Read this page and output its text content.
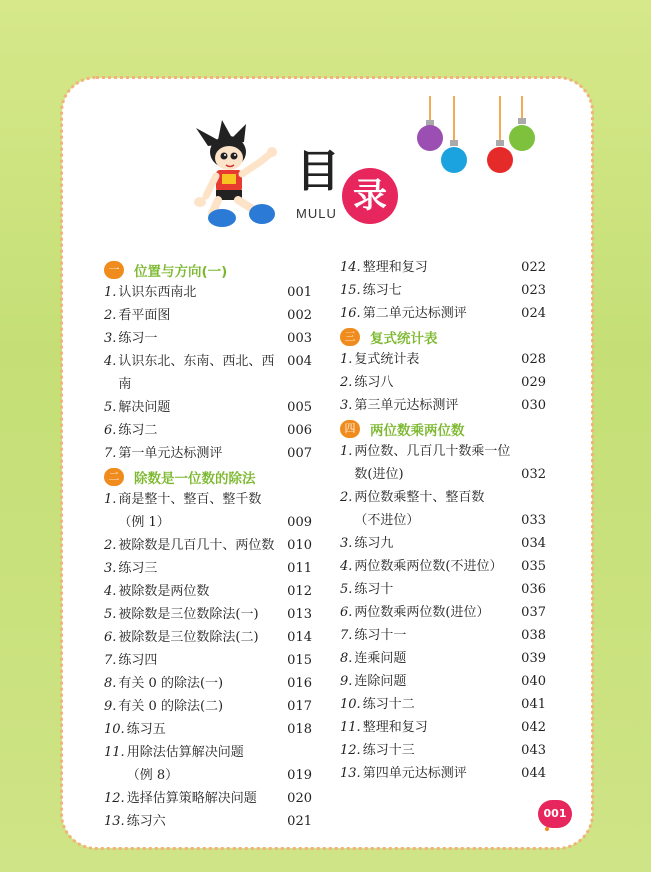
目 录
MULU
一	位置与方向(一)
1. 认识东西南北	001
2. 看平面图	002
3. 练习一	003
4. 认识东北、东南、西北、西南
004
5. 解决问题	005
6. 练习二	006
7. 第一单元达标测评	007
二	除数是一位数的除法
1. 商是整十、整百、整千数
（例 1）	009
2. 被除数是几百几十、两位数 010
3. 练习三	011
4. 被除数是两位数	012
5. 被除数是三位数除法(一) 013
6. 被除数是三位数除法(二) 014
7. 练习四	015
8. 有关 0 的除法(一)	016
9. 有关 0 的除法(二)	017
10. 练习五	018
11. 用除法估算解决问题
（例 8）	019
12. 选择估算策略解决问题 020
13. 练习六	021
14. 整理和复习	022
15. 练习七	023
16. 第二单元达标测评	024
三	复式统计表
1. 复式统计表	028
2. 练习八	029
3. 第三单元达标测评	030
四	两位数乘两位数
1. 两位数、几百几十数乘一位
数(进位)	032
2. 两位数乘整十、整百数
（不进位）	033
3. 练习九	034
4. 两位数乘两位数(不进位） 035
5. 练习十	036
6. 两位数乘两位数(进位） 037
7. 练习十一	038
8. 连乘问题	039
9. 连除问题	040
10. 练习十二	041
11. 整理和复习	042
12. 练习十三	043
13. 第四单元达标测评	044
001
